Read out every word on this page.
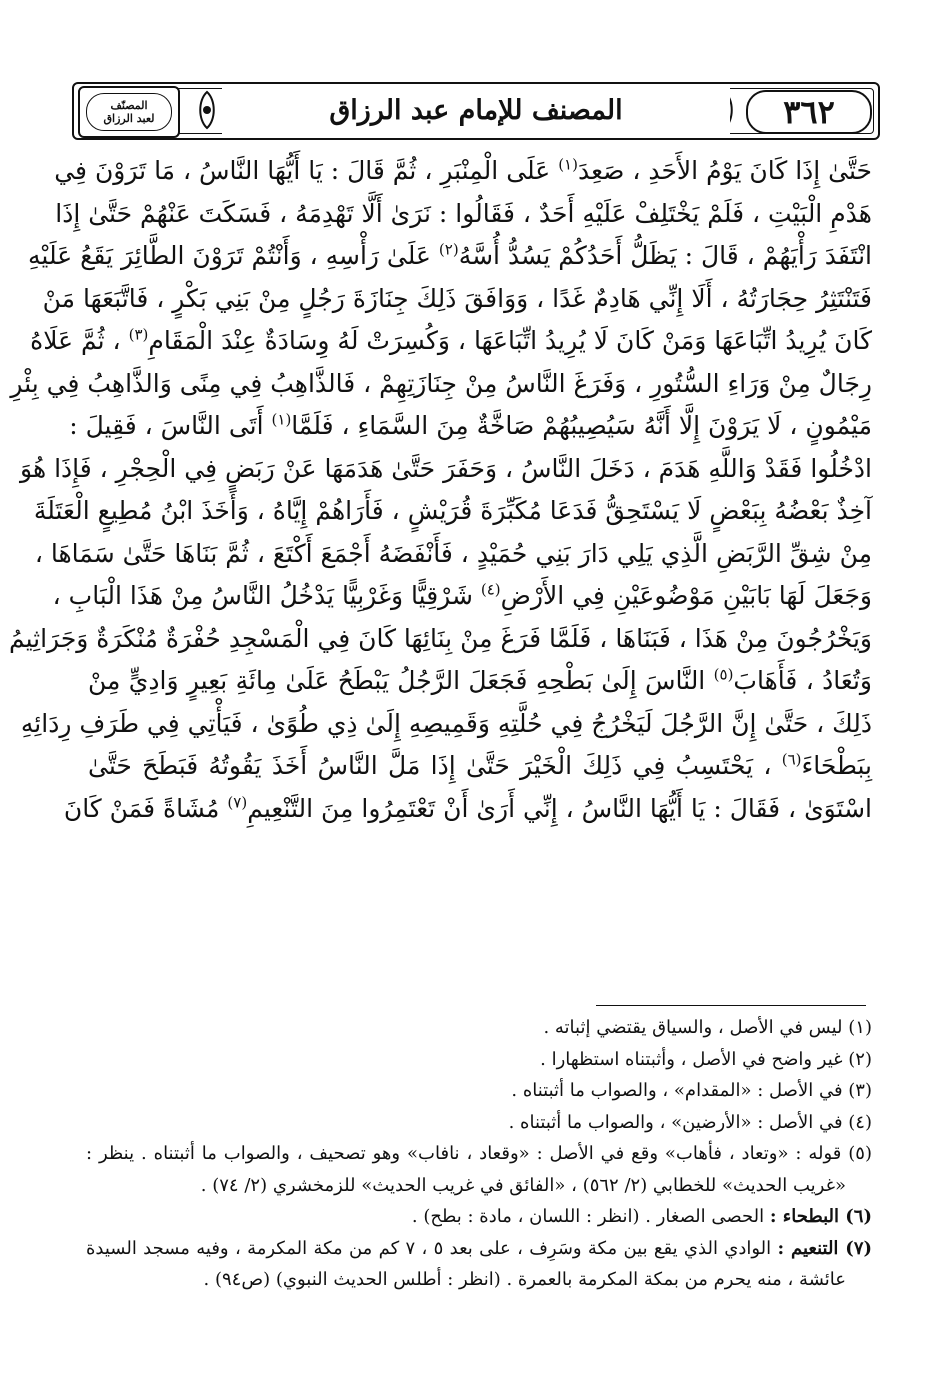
٣٦٢
المصنف للإمام عبد الرزاق
المصنّف
لعبد الرزاق
حَتَّىٰ إِذَا كَانَ يَوْمُ الأَحَدِ ، صَعِدَ$^{(١)}$ عَلَى الْمِنْبَرِ ، ثُمَّ قَالَ : يَا أَيُّهَا النَّاسُ ، مَا تَرَوْنَ فِي
هَدْمِ الْبَيْتِ ، فَلَمْ يَخْتَلِفْ عَلَيْهِ أَحَدٌ ، فَقَالُوا : نَرَىٰ أَلَّا تَهْدِمَهُ ، فَسَكَتَ عَنْهُمْ حَتَّىٰ إِذَا
انْتَفَدَ رَأْيَهُمْ ، قَالَ : يَظَلُّ أَحَدُكُمْ يَسُدُّ أُسَّهُ$^{(٢)}$ عَلَىٰ رَأْسِهِ ، وَأَنْتُمْ تَرَوْنَ الطَّائِرَ يَقَعُ عَلَيْهِ
فَتَنْتَثِرُ حِجَارَتُهُ ، أَلَا إِنِّي هَادِمٌ غَدًا ، وَوَافَقَ ذَلِكَ جِنَازَةَ رَجُلٍ مِنْ بَنِي بَكْرٍ ، فَاتَّبَعَهَا مَنْ
كَانَ يُرِيدُ اتِّبَاعَهَا وَمَنْ كَانَ لَا يُرِيدُ اتِّبَاعَهَا ، وَكُسِرَتْ لَهُ وِسَادَةٌ عِنْدَ الْمَقَامِ$^{(٣)}$ ، ثُمَّ عَلَاهُ
رِجَالٌ مِنْ وَرَاءِ السُّتُورِ ، وَفَرَغَ النَّاسُ مِنْ جِنَازَتِهِمْ ، فَالذَّاهِبُ فِي مِنًى وَالذَّاهِبُ فِي بِئْرِ
مَيْمُونٍ ، لَا يَرَوْنَ إِلَّا أَنَّهُ سَيُصِيبُهُمْ صَاخَّةٌ مِنَ السَّمَاءِ ، فَلَمَّا$^{(١)}$ أَتَى النَّاسَ ، فَقِيلَ :
ادْخُلُوا فَقَدْ وَاللَّهِ هَدَمَ ، دَخَلَ النَّاسُ ، وَحَفَرَ حَتَّىٰ هَدَمَهَا عَنْ رَبَضٍ فِي الْحِجْرِ ، فَإِذَا هُوَ
آخِذٌ بَعْضُهُ بِبَعْضٍ لَا يَسْتَحِقُّ فَدَعَا مُكَبِّرَةَ قُرَيْشٍ ، فَأَرَاهُمْ إِيَّاهُ ، وَأَخَذَ ابْنُ مُطِيعٍ الْعَتَلَةَ
مِنْ شِقِّ الرَّبَضِ الَّذِي يَلِي دَارَ بَنِي حُمَيْدٍ ، فَأَنْفَضَهُ أَجْمَعَ أَكْتَعَ ، ثُمَّ بَنَاهَا حَتَّىٰ سَمَاهَا ،
وَجَعَلَ لَهَا بَابَيْنِ مَوْضُوعَيْنِ فِي الأَرْضِ$^{(٤)}$ شَرْقِيًّا وَغَرْبِيًّا يَدْخُلُ النَّاسُ مِنْ هَذَا الْبَابِ ،
وَيَخْرُجُونَ مِنْ هَذَا ، فَبَنَاهَا ، فَلَمَّا فَرَغَ مِنْ بِنَائِهَا كَانَ فِي الْمَسْجِدِ حُفْرَةٌ مُنْكَرَةٌ وَجَرَاثِيمُ
وَتُعَادُ ، فَأَهَابَ$^{(٥)}$ النَّاسَ إِلَىٰ بَطْحِهِ فَجَعَلَ الرَّجُلُ يَبْطَحُ عَلَىٰ مِائَةِ بَعِيرٍ وَادِيٍّ مِنْ
ذَلِكَ ، حَتَّىٰ إِنَّ الرَّجُلَ لَيَخْرُجُ فِي حُلَّتِهِ وَقَمِيصِهِ إِلَىٰ ذِي طُوًىٰ ، فَيَأْتِي فِي طَرَفِ رِدَائِهِ
بِبَطْحَاءَ$^{(٦)}$ ، يَحْتَسِبُ فِي ذَلِكَ الْخَيْرَ حَتَّىٰ إِذَا مَلَّ النَّاسُ أَخَذَ يَقُوتُهُ فَبَطَحَ حَتَّىٰ
اسْتَوَىٰ ، فَقَالَ : يَا أَيُّهَا النَّاسُ ، إِنِّي أَرَىٰ أَنْ تَعْتَمِرُوا مِنَ التَّنْعِيمِ$^{(٧)}$ مُشَاةً فَمَنْ كَانَ
(١) ليس في الأصل ، والسياق يقتضي إثباته .
(٢) غير واضح في الأصل ، وأثبتناه استظهارا .
(٣) في الأصل : «المقدام» ، والصواب ما أثبتناه .
(٤) في الأصل : «الأرضين» ، والصواب ما أثبتناه .
(٥) قوله : «وتعاد ، فأهاب» وقع في الأصل : «وقعاد ، نافاب» وهو تصحيف ، والصواب ما أثبتناه . ينظر :
«غريب الحديث» للخطابي (٢/ ٥٦٢) ، «الفائق في غريب الحديث» للزمخشري (٢/ ٧٤) .
(٦) البطحاء : الحصى الصغار . (انظر : اللسان ، مادة : بطح) .
(٧) التنعيم : الوادي الذي يقع بين مكة وسَرِف ، على بعد ٥ ، ٧ كم من مكة المكرمة ، وفيه مسجد السيدة
عائشة ، منه يحرم من بمكة المكرمة بالعمرة . (انظر : أطلس الحديث النبوي) (ص٩٤) .
